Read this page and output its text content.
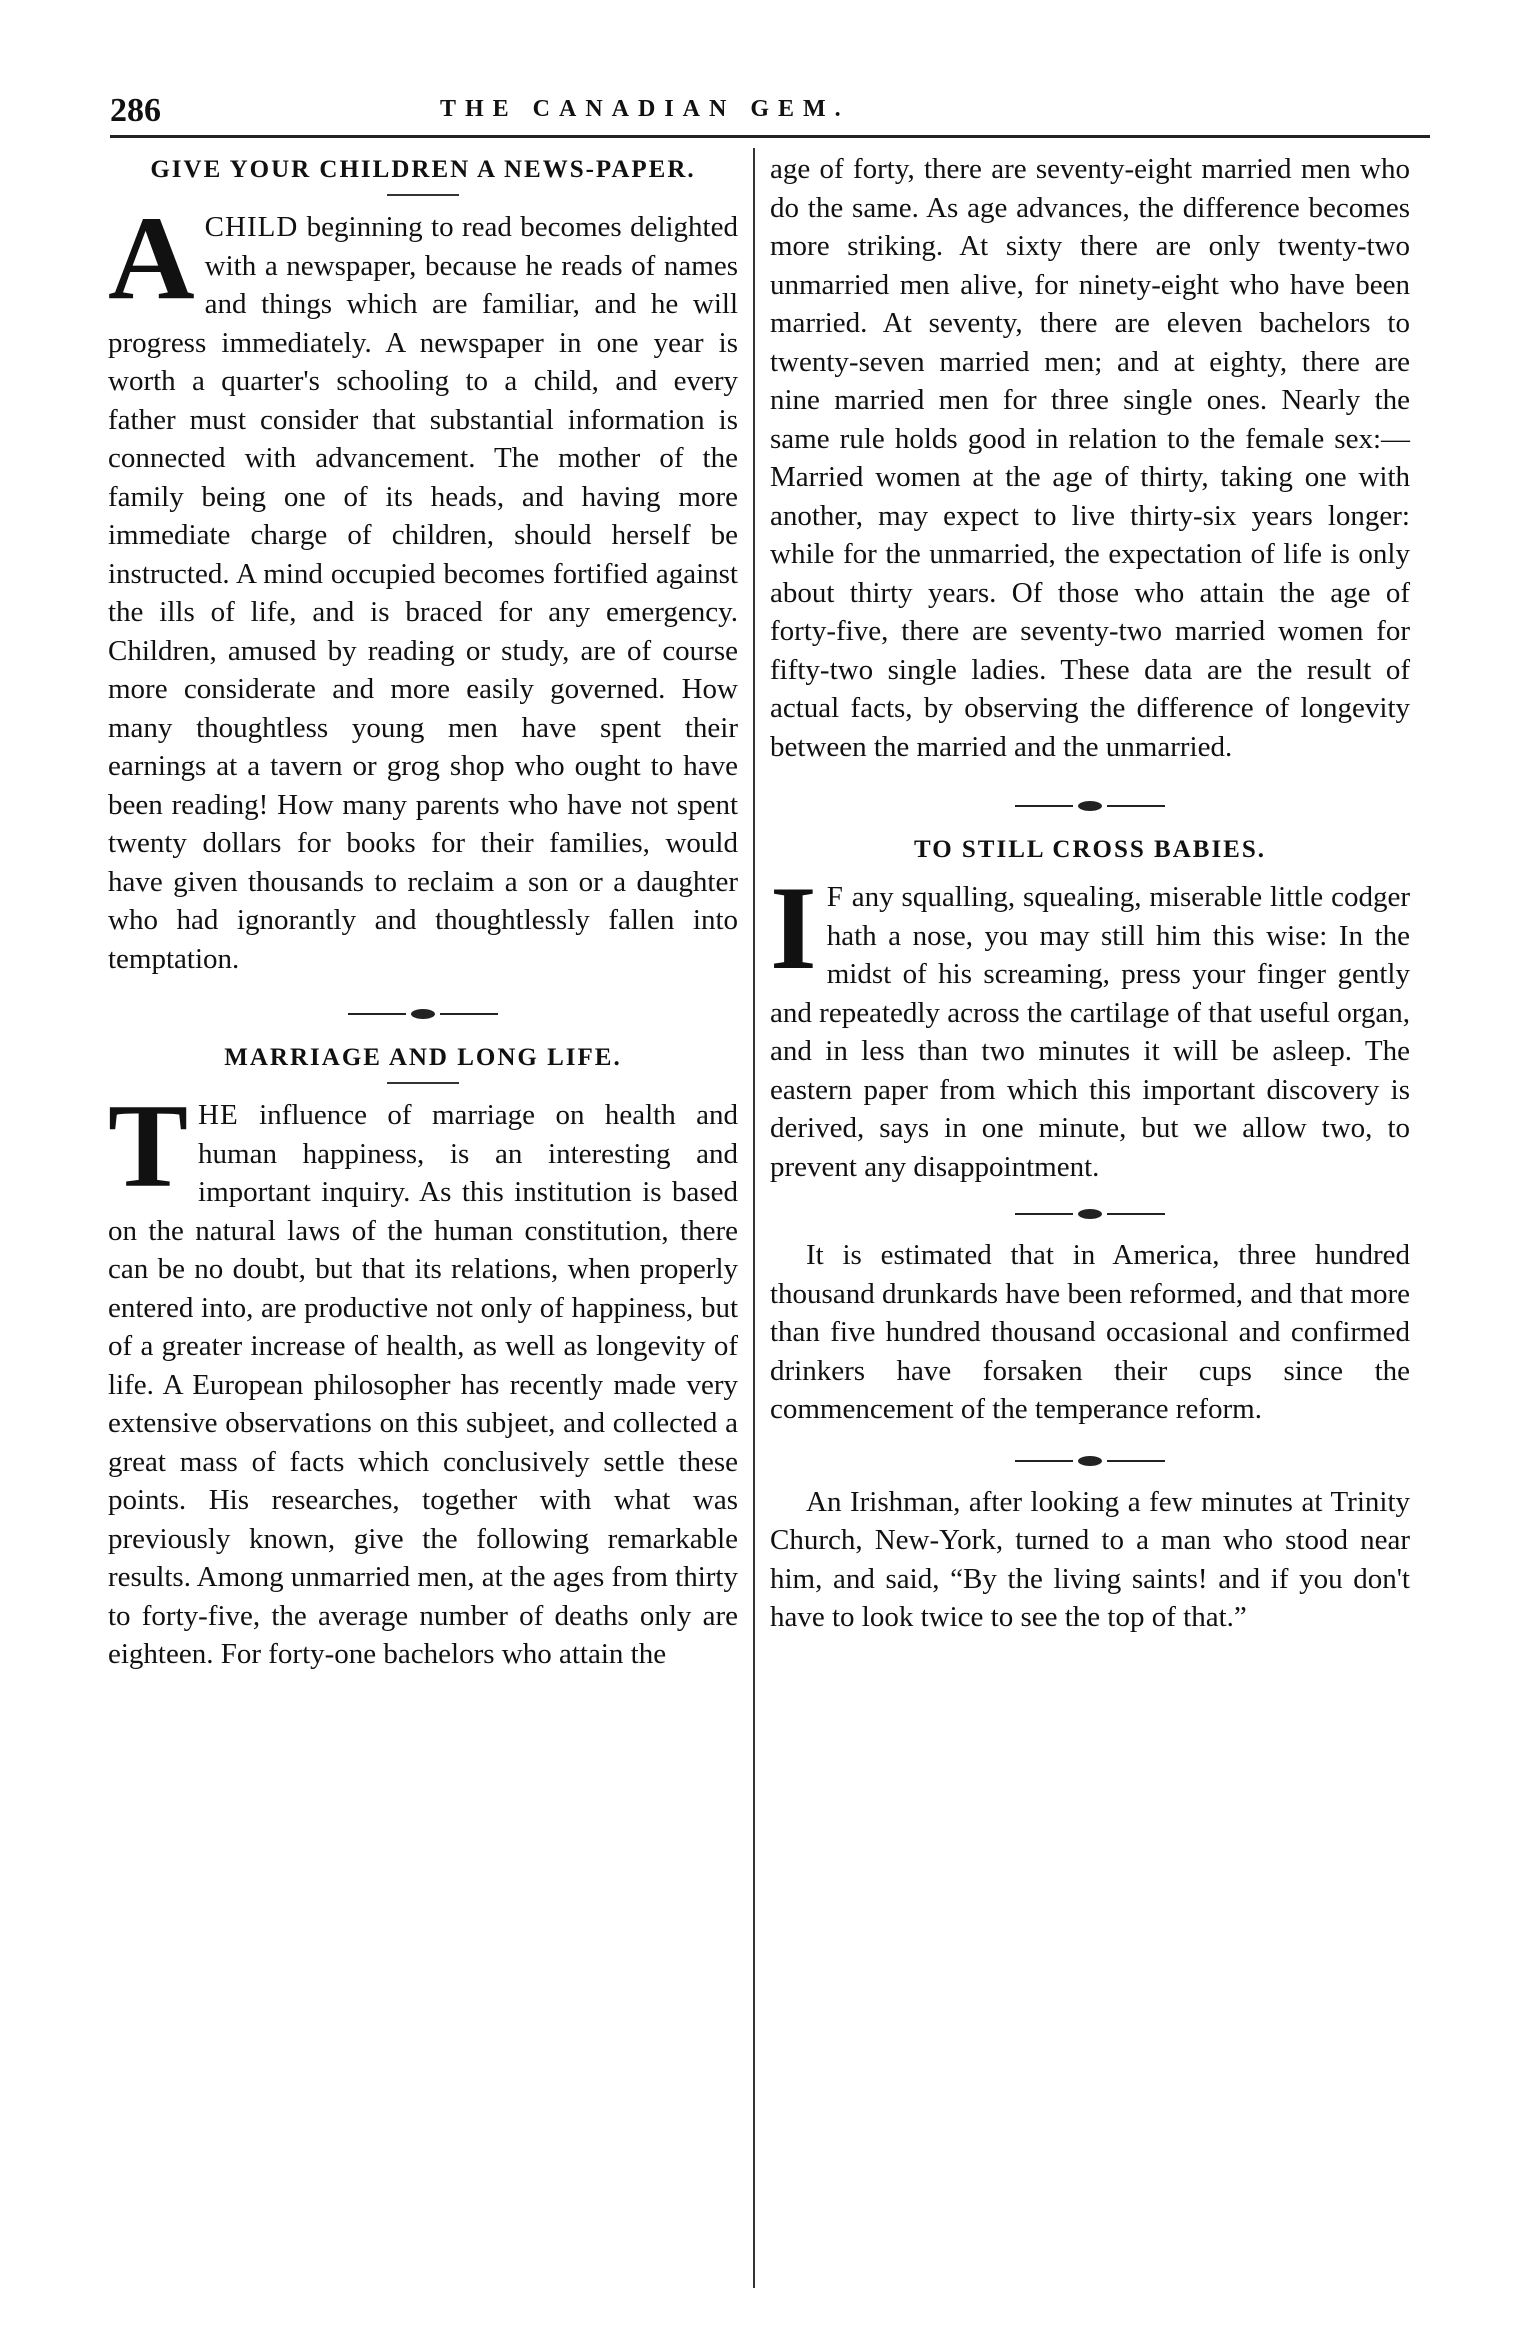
286	THE CANADIAN GEM.
GIVE YOUR CHILDREN A NEWS-PAPER.

ACHILD beginning to read becomes delighted with a newspaper, because he reads of names and things which are familiar, and he will progress immediately. A newspaper in one year is worth a quarter's schooling to a child, and every father must consider that substantial information is connected with advancement. The mother of the family being one of its heads, and having more immediate charge of children, should herself be instructed. A mind occupied becomes fortified against the ills of life, and is braced for any emergency. Children, amused by reading or study, are of course more considerate and more easily governed. How many thoughtless young men have spent their earnings at a tavern or grog shop who ought to have been reading! How many parents who have not spent twenty dollars for books for their families, would have given thousands to reclaim a son or a daughter who had ignorantly and thoughtlessly fallen into temptation.

MARRIAGE AND LONG LIFE.

THE influence of marriage on health and human happiness, is an interesting and important inquiry. As this institution is based on the natural laws of the human constitution, there can be no doubt, but that its relations, when properly entered into, are productive not only of happiness, but of a greater increase of health, as well as longevity of life. A European philosopher has recently made very extensive observations on this subjeet, and collected a great mass of facts which conclusively settle these points. His researches, together with what was previously known, give the following remarkable results. Among unmarried men, at the ages from thirty to forty-five, the average number of deaths only are eighteen. For forty-one bachelors who attain the

age of forty, there are seventy-eight married men who do the same. As age advances, the difference becomes more striking. At sixty there are only twenty-two unmarried men alive, for ninety-eight who have been married. At seventy, there are eleven bachelors to twenty-seven married men; and at eighty, there are nine married men for three single ones. Nearly the same rule holds good in relation to the female sex:—Married women at the age of thirty, taking one with another, may expect to live thirty-six years longer: while for the unmarried, the expectation of life is only about thirty years. Of those who attain the age of forty-five, there are seventy-two married women for fifty-two single ladies. These data are the result of actual facts, by observing the difference of longevity between the married and the unmarried.

TO STILL CROSS BABIES.

I F any squalling, squealing, miserable little codger hath a nose, you may still him this wise: In the midst of his screaming, press your finger gently and repeatedly across the cartilage of that useful organ, and in less than two minutes it will be asleep. The eastern paper from which this important discovery is derived, says in one minute, but we allow two, to prevent any disappointment.

It is estimated that in America, three hundred thousand drunkards have been reformed, and that more than five hundred thousand occasional and confirmed drinkers have forsaken their cups since the commencement of the temperance reform.

An Irishman, after looking a few minutes at Trinity Church, New-York, turned to a man who stood near him, and said, “By the living saints! and if you don't have to look twice to see the top of that.”
